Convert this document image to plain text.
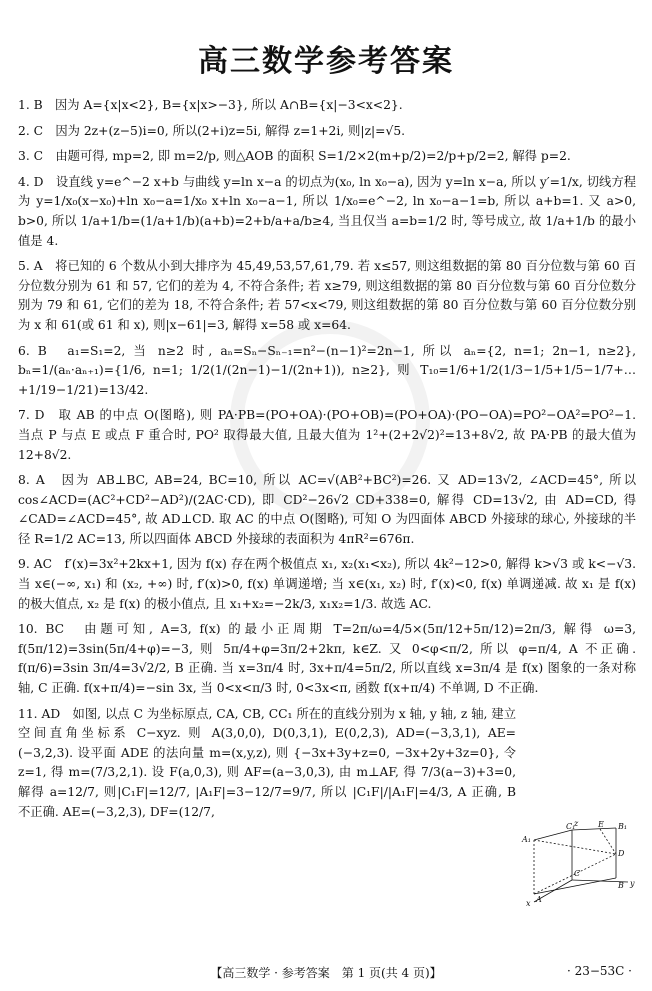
高三数学参考答案

1. B　因为 A={x|x<2}, B={x|x>−3}, 所以 A∩B={x|−3<x<2}.

2. C　因为 2z+(z−5)i=0, 所以(2+i)z=5i, 解得 z=1+2i, 则|z|=√5.

3. C　由题可得, mp=2, 即 m=2/p, 则△AOB 的面积 S=1/2×2(m+p/2)=2/p+p/2=2, 解得 p=2.

4. D　设直线 y=e^−2 x+b 与曲线 y=ln x−a 的切点为(x₀, ln x₀−a), 因为 y=ln x−a, 所以 y′=1/x, 切线方程为 y=1/x₀(x−x₀)+ln x₀−a=1/x₀ x+ln x₀−a−1, 所以 1/x₀=e^−2, ln x₀−a−1=b, 所以 a+b=1. 又 a>0, b>0, 所以 1/a+1/b=(1/a+1/b)(a+b)=2+b/a+a/b≥4, 当且仅当 a=b=1/2 时, 等号成立, 故 1/a+1/b 的最小值是 4.

5. A　将已知的 6 个数从小到大排序为 45,49,53,57,61,79. 若 x≤57, 则这组数据的第 80 百分位数与第 60 百分位数分别为 61 和 57, 它们的差为 4, 不符合条件; 若 x≥79, 则这组数据的第 80 百分位数与第 60 百分位数分别为 79 和 61, 它们的差为 18, 不符合条件; 若 57<x<79, 则这组数据的第 80 百分位数与第 60 百分位数分别为 x 和 61(或 61 和 x), 则|x−61|=3, 解得 x=58 或 x=64.

6. B　a₁=S₁=2, 当 n≥2 时, aₙ=Sₙ−Sₙ₋₁=n²−(n−1)²=2n−1, 所以 aₙ={2, n=1; 2n−1, n≥2}, bₙ=1/(aₙ·aₙ₊₁)={1/6, n=1; 1/2(1/(2n−1)−1/(2n+1)), n≥2}, 则 T₁₀=1/6+1/2(1/3−1/5+1/5−1/7+…+1/19−1/21)=13/42.

7. D　取 AB 的中点 O(图略), 则 PA·PB=(PO+OA)·(PO+OB)=(PO+OA)·(PO−OA)=PO²−OA²=PO²−1. 当点 P 与点 E 或点 F 重合时, PO² 取得最大值, 且最大值为 1²+(2+2√2)²=13+8√2, 故 PA·PB 的最大值为 12+8√2.

8. A　因为 AB⊥BC, AB=24, BC=10, 所以 AC=√(AB²+BC²)=26. 又 AD=13√2, ∠ACD=45°, 所以 cos∠ACD=(AC²+CD²−AD²)/(2AC·CD), 即 CD²−26√2 CD+338=0, 解得 CD=13√2, 由 AD=CD, 得∠CAD=∠ACD=45°, 故 AD⊥CD. 取 AC 的中点 O(图略), 可知 O 为四面体 ABCD 外接球的球心, 外接球的半径 R=1/2 AC=13, 所以四面体 ABCD 外接球的表面积为 4πR²=676π.

9. AC　f′(x)=3x²+2kx+1, 因为 f(x) 存在两个极值点 x₁, x₂(x₁<x₂), 所以 4k²−12>0, 解得 k>√3 或 k<−√3. 当 x∈(−∞, x₁) 和 (x₂, +∞) 时, f′(x)>0, f(x) 单调递增; 当 x∈(x₁, x₂) 时, f′(x)<0, f(x) 单调递减. 故 x₁ 是 f(x) 的极大值点, x₂ 是 f(x) 的极小值点, 且 x₁+x₂=−2k/3, x₁x₂=1/3. 故选 AC.

10. BC　由题可知, A=3, f(x) 的最小正周期 T=2π/ω=4/5×(5π/12+5π/12)=2π/3, 解得 ω=3, f(5π/12)=3sin(5π/4+φ)=−3, 则 5π/4+φ=3π/2+2kπ, k∈Z. 又 0<φ<π/2, 所以 φ=π/4, A 不正确. f(π/6)=3sin 3π/4=3√2/2, B 正确. 当 x=3π/4 时, 3x+π/4=5π/2, 所以直线 x=3π/4 是 f(x) 图象的一条对称轴, C 正确. f(x+π/4)=−sin 3x, 当 0<x<π/3 时, 0<3x<π, 函数 f(x+π/4) 不单调, D 不正确.

11. AD　如图, 以点 C 为坐标原点, CA, CB, CC₁ 所在的直线分别为 x 轴, y 轴, z 轴, 建立空间直角坐标系 C−xyz. 则 A(3,0,0), D(0,3,1), E(0,2,3), AD=(−3,3,1), AE=(−3,2,3). 设平面 ADE 的法向量 m=(x,y,z), 则 {−3x+3y+z=0, −3x+2y+3z=0}, 令 z=1, 得 m=(7/3,2,1). 设 F(a,0,3), 则 AF=(a−3,0,3), 由 m⊥AF, 得 7/3(a−3)+3=0, 解得 a=12/7, 则|C₁F|=12/7, |A₁F|=3−12/7=9/7, 所以 |C₁F|/|A₁F|=4/3, A 正确, B 不正确. AE=(−3,2,3), DF=(12/7,

z
C₁	E B₁
A₁
C
D
y
B
x A
【高三数学 · 参考答案　第 1 页(共 4 页)】	· 23−53C ·
